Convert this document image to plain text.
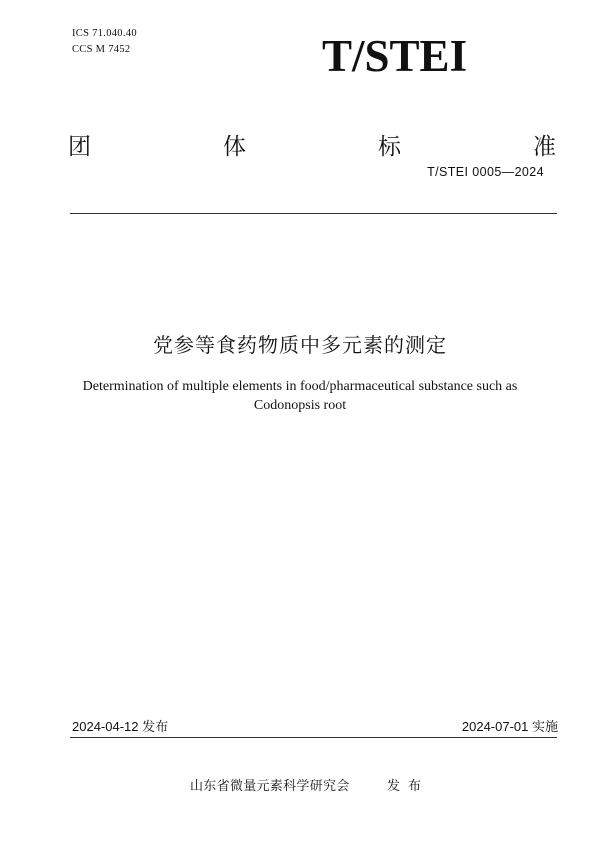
ICS 71.040.40
CCS M 7452	T/STEI
团	体	标	准
T/STEI 0005—2024
党参等食药物质中多元素的测定
Determination of multiple elements in food/pharmaceutical substance such as
Codonopsis root
2024-04-12 发布	2024-07-01 实施
山东省微量元素科学研究会	发布
